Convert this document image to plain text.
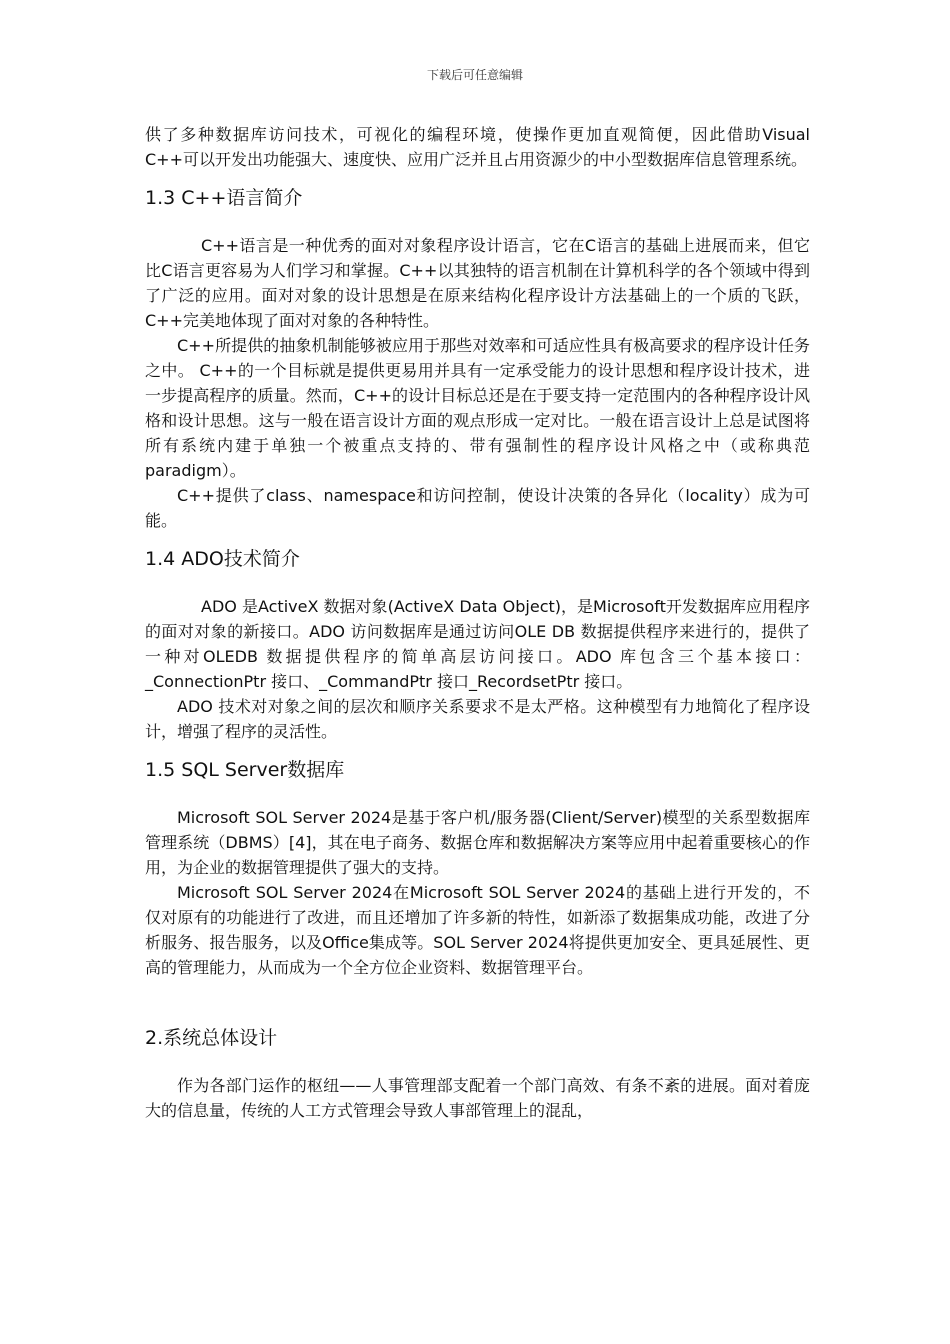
下载后可任意编辑

供了多种数据库访问技术，可视化的编程环境，使操作更加直观简便，因此借助Visual C++可以开发出功能强大、速度快、应用广泛并且占用资源少的中小型数据库信息管理系统。

1.3 C++语言简介

C++语言是一种优秀的面对对象程序设计语言，它在C语言的基础上进展而来，但它比C语言更容易为人们学习和掌握。C++以其独特的语言机制在计算机科学的各个领域中得到了广泛的应用。面对对象的设计思想是在原来结构化程序设计方法基础上的一个质的飞跃，C++完美地体现了面对对象的各种特性。

C++所提供的抽象机制能够被应用于那些对效率和可适应性具有极高要求的程序设计任务之中。 C++的一个目标就是提供更易用并具有一定承受能力的设计思想和程序设计技术，进一步提高程序的质量。然而，C++的设计目标总还是在于要支持一定范围内的各种程序设计风格和设计思想。这与一般在语言设计方面的观点形成一定对比。一般在语言设计上总是试图将所有系统内建于单独一个被重点支持的、带有强制性的程序设计风格之中（或称典范paradigm）。

C++提供了class、namespace和访问控制，使设计决策的各异化（locality）成为可能。

1.4 ADO技术简介

ADO 是ActiveX 数据对象(ActiveX Data Object)，是Microsoft开发数据库应用程序的面对对象的新接口。ADO 访问数据库是通过访问OLE DB 数据提供程序来进行的，提供了一种对OLEDB 数据提供程序的简单高层访问接口。ADO 库包含三个基本接口：_ConnectionPtr 接口、_CommandPtr 接口_RecordsetPtr 接口。

ADO 技术对对象之间的层次和顺序关系要求不是太严格。这种模型有力地简化了程序设计，增强了程序的灵活性。

1.5 SQL Server数据库

Microsoft SOL Server 2024是基于客户机/服务器(Client/Server)模型的关系型数据库管理系统（DBMS）[4]，其在电子商务、数据仓库和数据解决方案等应用中起着重要核心的作用，为企业的数据管理提供了强大的支持。

Microsoft SOL Server 2024在Microsoft SOL Server 2024的基础上进行开发的，不仅对原有的功能进行了改进，而且还增加了许多新的特性，如新添了数据集成功能，改进了分析服务、报告服务，以及Office集成等。SOL Server 2024将提供更加安全、更具延展性、更高的管理能力，从而成为一个全方位企业资料、数据管理平台。

2.系统总体设计

作为各部门运作的枢纽——人事管理部支配着一个部门高效、有条不紊的进展。面对着庞大的信息量，传统的人工方式管理会导致人事部管理上的混乱，
